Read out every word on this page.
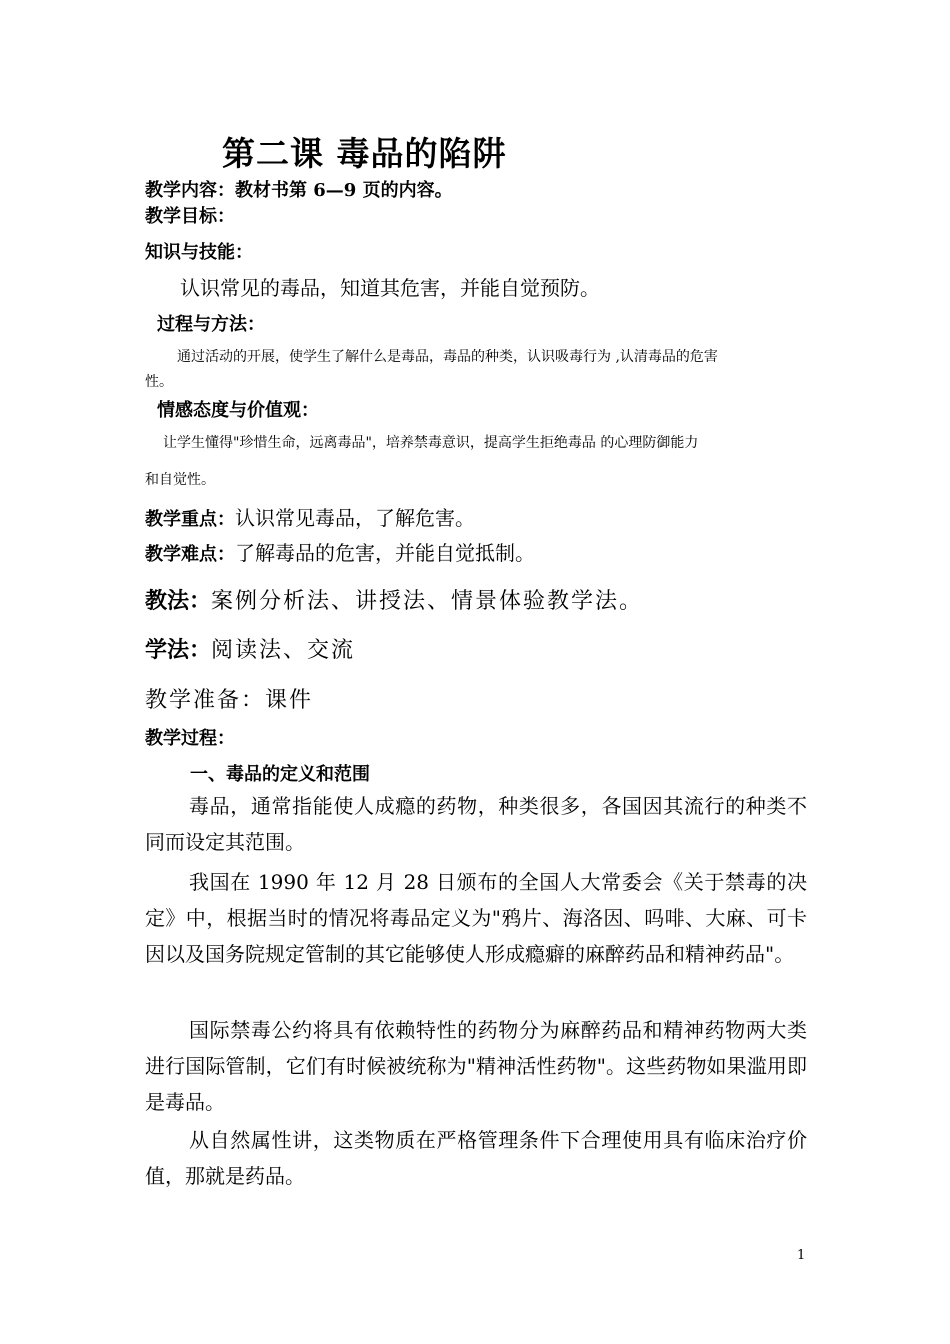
第二课 毒品的陷阱
教学内容：教材书第 6—9 页的内容。
教学目标：
知识与技能：
认识常见的毒品，知道其危害，并能自觉预防。
过程与方法：
通过活动的开展，使学生了解什么是毒品，毒品的种类，认识吸毒行为 ,认清毒品的危害
性。
情感态度与价值观：
让学生懂得"珍惜生命，远离毒品"，培养禁毒意识，提高学生拒绝毒品 的心理防御能力
和自觉性。
教学重点：认识常见毒品，了解危害。
教学难点：了解毒品的危害，并能自觉抵制。
教法：案例分析法、讲授法、情景体验教学法。
学法：阅读法、交流
教学准备：课件
教学过程：
一、毒品的定义和范围
毒品，通常指能使人成瘾的药物，种类很多，各国因其流行的种类不同而设定其范围。
我国在 1990 年 12 月 28 日颁布的全国人大常委会《关于禁毒的决定》中，根据当时的情况将毒品定义为"鸦片、海洛因、吗啡、大麻、可卡因以及国务院规定管制的其它能够使人形成瘾癖的麻醉药品和精神药品"。
国际禁毒公约将具有依赖特性的药物分为麻醉药品和精神药物两大类进行国际管制，它们有时候被统称为"精神活性药物"。这些药物如果滥用即是毒品。
从自然属性讲，这类物质在严格管理条件下合理使用具有临床治疗价值，那就是药品。
1
